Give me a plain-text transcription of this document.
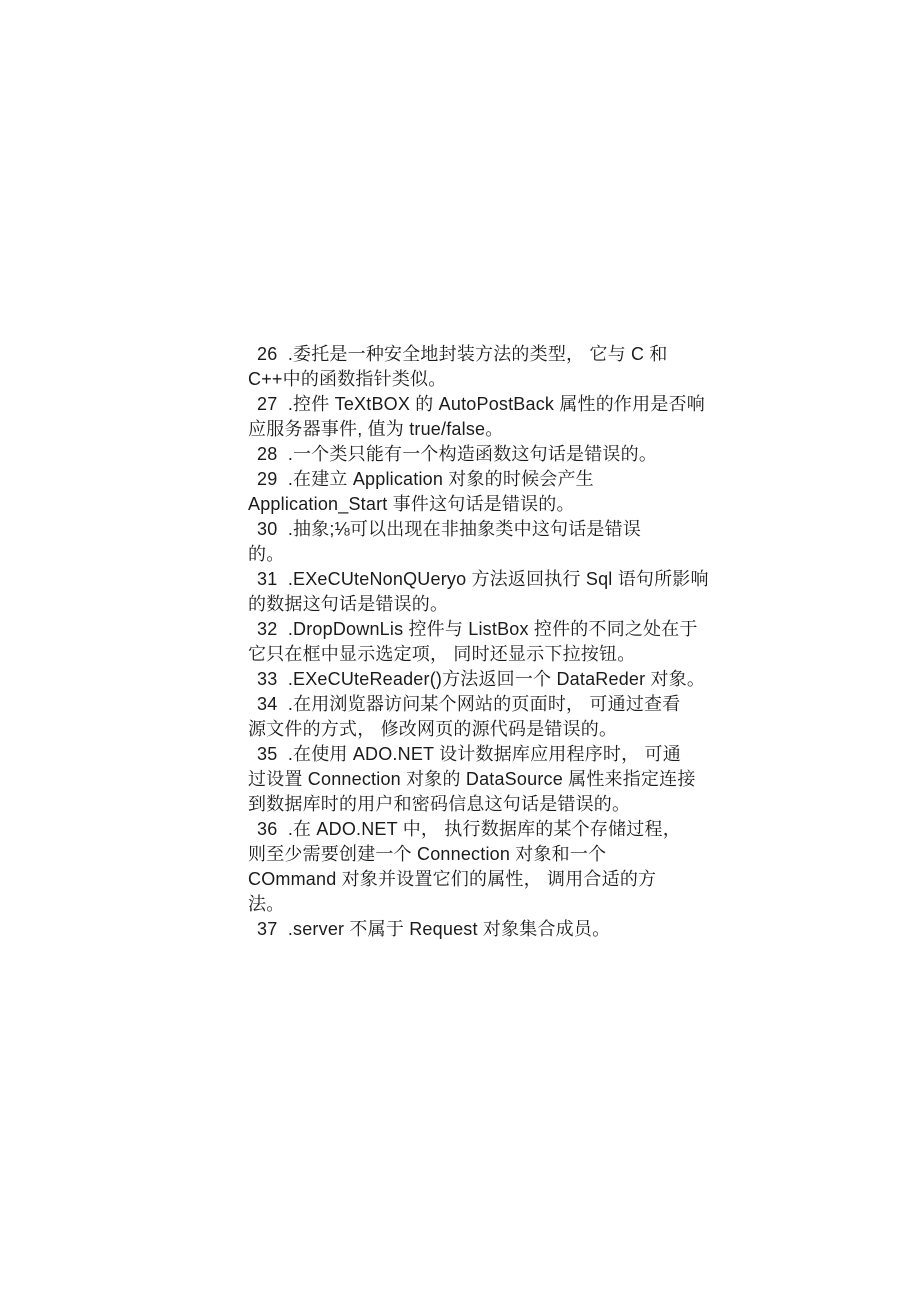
26  .委托是一种安全地封装方法的类型， 它与 C 和
C++中的函数指针类似。
27  .控件 TeXtBOX 的 AutoPostBack 属性的作用是否响
应服务器事件, 值为 true/false。
28  .一个类只能有一个构造函数这句话是错误的。
29  .在建立 Application 对象的时候会产生
Application_Start 事件这句话是错误的。
30  .抽象;⅛可以出现在非抽象类中这句话是错误
的。
31  .EXeCUteNonQUeryo 方法返回执行 Sql 语句所影响
的数据这句话是错误的。
32  .DropDownLis 控件与 ListBox 控件的不同之处在于
它只在框中显示选定项， 同时还显示下拉按钮。
33  .EXeCUteReader()方法返回一个 DataReder 对象。
34  .在用浏览器访问某个网站的页面时， 可通过查看
源文件的方式， 修改网页的源代码是错误的。
35  .在使用 ADO.NET 设计数据库应用程序时， 可通
过设置 Connection 对象的 DataSource 属性来指定连接
到数据库时的用户和密码信息这句话是错误的。
36  .在 ADO.NET 中， 执行数据库的某个存储过程，
则至少需要创建一个 Connection 对象和一个
COmmand 对象并设置它们的属性， 调用合适的方
法。
37  .server 不属于 Request 对象集合成员。
